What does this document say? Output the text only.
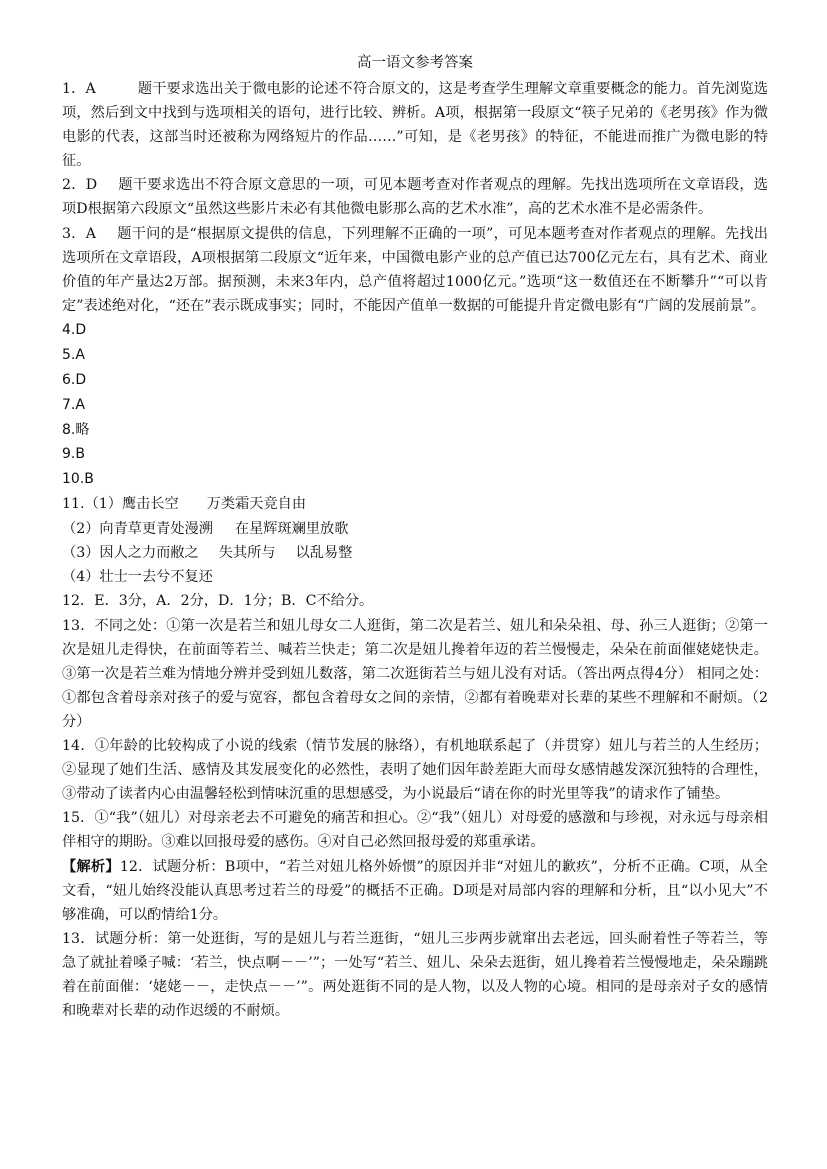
高一语文参考答案

1．A	题干要求选出关于微电影的论述不符合原文的，这是考查学生理解文章重要概念的能力。首先浏览选项，然后到文中找到与选项相关的语句，进行比较、辨析。A项，根据第一段原文“筷子兄弟的《老男孩》作为微电影的代表，这部当时还被称为网络短片的作品……”可知，是《老男孩》的特征，不能进而推广为微电影的特征。

2．D 题干要求选出不符合原文意思的一项，可见本题考查对作者观点的理解。先找出选项所在文章语段，选项D根据第六段原文“虽然这些影片未必有其他微电影那么高的艺术水准”，高的艺术水准不是必需条件。

3．A 题干问的是“根据原文提供的信息，下列理解不正确的一项”，可见本题考查对作者观点的理解。先找出选项所在文章语段，A项根据第二段原文“近年来，中国微电影产业的总产值已达700亿元左右，具有艺术、商业价值的年产量达2万部。据预测，未来3年内，总产值将超过1000亿元。”选项“这一数值还在不断攀升”“可以肯定”表述绝对化，“还在”表示既成事实；同时，不能因产值单一数据的可能提升肯定微电影有“广阔的发展前景”。

4.D

5.A

6.D

7.A

8.略

9.B

10.B

11.（1）鹰击长空 万类霜天竞自由

（2）向青草更青处漫溯 在星辉斑斓里放歌

（3）因人之力而敝之 失其所与 以乱易整

（4）壮士一去兮不复还

12．E．3分，A．2分，D．1分；B．C不给分。

13．不同之处：①第一次是若兰和妞儿母女二人逛街，第二次是若兰、妞儿和朵朵祖、母、孙三人逛街；②第一次是妞儿走得快，在前面等若兰、喊若兰快走；第二次是妞儿搀着年迈的若兰慢慢走，朵朵在前面催姥姥快走。③第一次是若兰难为情地分辨并受到妞儿数落，第二次逛街若兰与妞儿没有对话。（答出两点得4分） 相同之处：①都包含着母亲对孩子的爱与宽容，都包含着母女之间的亲情，②都有着晚辈对长辈的某些不理解和不耐烦。（2分）

14．①年龄的比较构成了小说的线索（情节发展的脉络），有机地联系起了（并贯穿）妞儿与若兰的人生经历；②显现了她们生活、感情及其发展变化的必然性，表明了她们因年龄差距大而母女感情越发深沉独特的合理性，③带动了读者内心由温馨轻松到情味沉重的思想感受，为小说最后“请在你的时光里等我”的请求作了铺垫。

15．①“我”（妞儿）对母亲老去不可避免的痛苦和担心。②“我”（妞儿）对母爱的感激和与珍视，对永远与母亲相伴相守的期盼。③难以回报母爱的感伤。④对自己必然回报母爱的郑重承诺。

【解析】12．试题分析：B项中，“若兰对妞儿格外娇惯”的原因并非“对妞儿的歉疚”，分析不正确。C项，从全文看，“妞儿始终没能认真思考过若兰的母爱”的概括不正确。D项是对局部内容的理解和分析，且“以小见大”不够准确，可以酌情给1分。

13．试题分析：第一处逛街，写的是妞儿与若兰逛街，“妞儿三步两步就窜出去老远，回头耐着性子等若兰，等急了就扯着嗓子喊：‘若兰，快点啊－－’”；一处写“若兰、妞儿、朵朵去逛街，妞儿搀着若兰慢慢地走，朵朵蹦跳着在前面催：‘姥姥－－，走快点－－’”。两处逛街不同的是人物，以及人物的心境。相同的是母亲对子女的感情和晚辈对长辈的动作迟缓的不耐烦。
